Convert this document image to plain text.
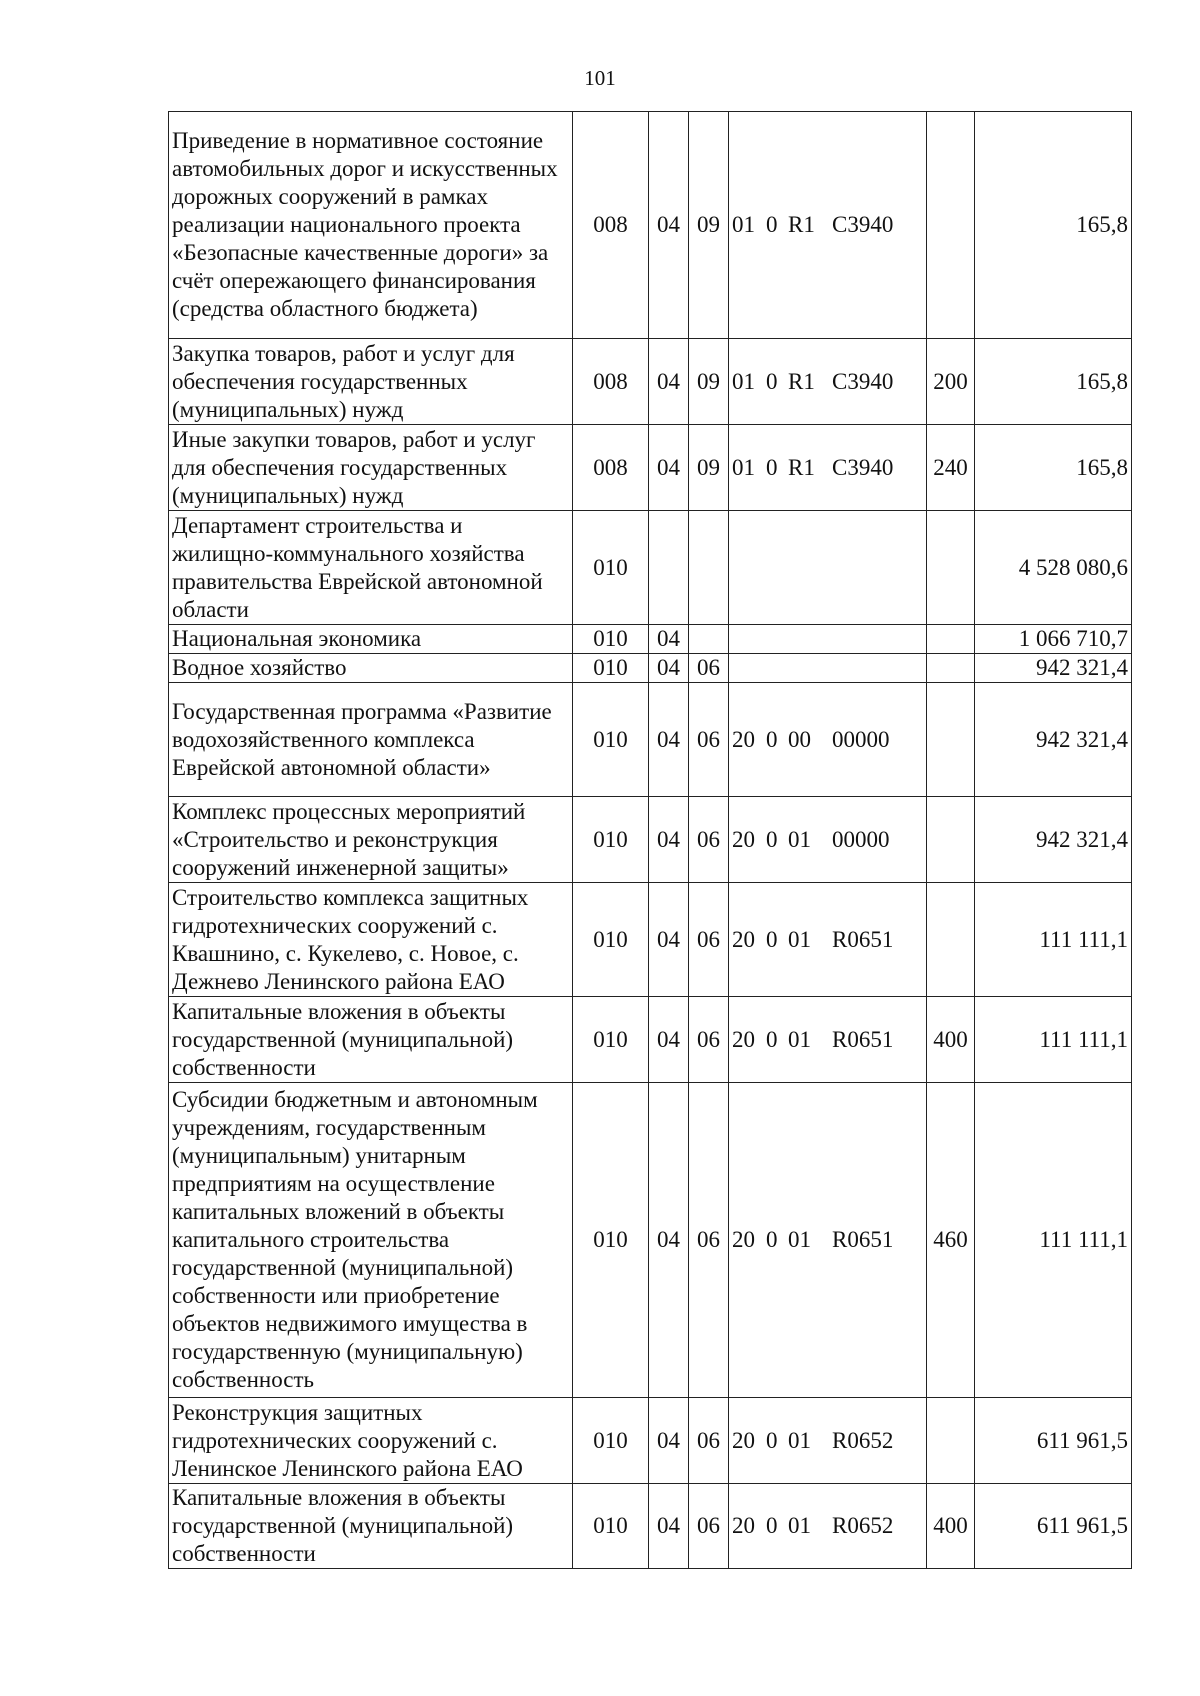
101
Приведение в нормативное состояние автомобильных дорог и искусственных дорожных сооружений в рамках реализации национального проекта «Безопасные качественные дороги» за счёт опережающего финансирования (средства областного бюджета)	008	04	09	01 0 R1 C3940		165,8
Закупка товаров, работ и услуг для обеспечения государственных (муниципальных) нужд	008	04	09	01 0 R1 C3940	200	165,8
Иные закупки товаров, работ и услуг для обеспечения государственных (муниципальных) нужд	008	04	09	01 0 R1 C3940	240	165,8
Департамент строительства и жилищно-коммунального хозяйства правительства Еврейской автономной области	010					4 528 080,6
Национальная экономика	010	04				1 066 710,7
Водное хозяйство	010	04	06			942 321,4
Государственная программа «Развитие водохозяйственного комплекса Еврейской автономной области»	010	04	06	20 0 00 00000		942 321,4
Комплекс процессных мероприятий «Строительство и реконструкция сооружений инженерной защиты»	010	04	06	20 0 01 00000		942 321,4
Строительство комплекса защитных гидротехнических сооружений с. Квашнино, с. Кукелево, с. Новое, с. Дежнево Ленинского района ЕАО	010	04	06	20 0 01 R0651		111 111,1
Капитальные вложения в объекты государственной (муниципальной) собственности	010	04	06	20 0 01 R0651	400	111 111,1
Субсидии бюджетным и автономным учреждениям, государственным (муниципальным) унитарным предприятиям на осуществление капитальных вложений в объекты капитального строительства государственной (муниципальной) собственности или приобретение объектов недвижимого имущества в государственную (муниципальную) собственность	010	04	06	20 0 01 R0651	460	111 111,1
Реконструкция защитных гидротехнических сооружений с. Ленинское Ленинского района ЕАО	010	04	06	20 0 01 R0652		611 961,5
Капитальные вложения в объекты государственной (муниципальной) собственности	010	04	06	20 0 01 R0652	400	611 961,5
